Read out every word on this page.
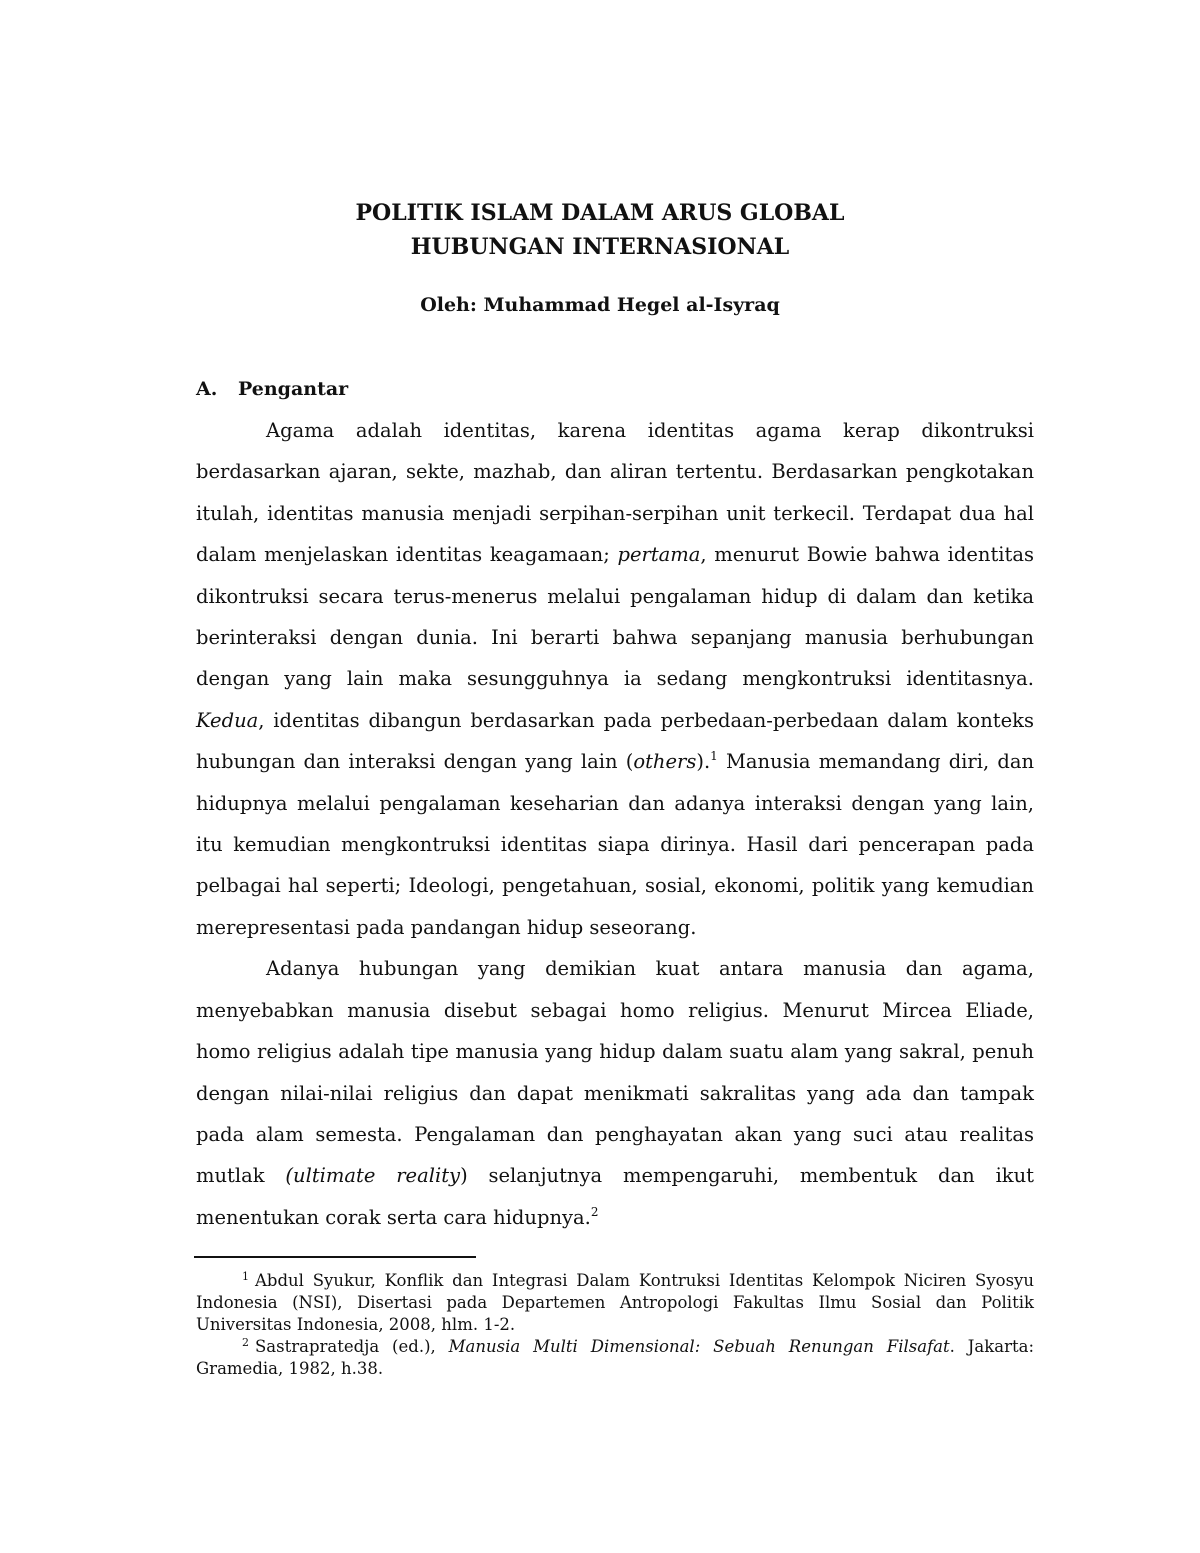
POLITIK ISLAM DALAM ARUS GLOBAL
HUBUNGAN INTERNASIONAL
Oleh: Muhammad Hegel al-Isyraq
A. Pengantar

Agama adalah identitas, karena identitas agama kerap dikontruksi berdasarkan ajaran, sekte, mazhab, dan aliran tertentu. Berdasarkan pengkotakan itulah, identitas manusia menjadi serpihan-serpihan unit terkecil. Terdapat dua hal dalam menjelaskan identitas keagamaan; pertama, menurut Bowie bahwa identitas dikontruksi secara terus-menerus melalui pengalaman hidup di dalam dan ketika berinteraksi dengan dunia. Ini berarti bahwa sepanjang manusia berhubungan dengan yang lain maka sesungguhnya ia sedang mengkontruksi identitasnya. Kedua, identitas dibangun berdasarkan pada perbedaan-perbedaan dalam konteks hubungan dan interaksi dengan yang lain (others).$^1$ Manusia memandang diri, dan hidupnya melalui pengalaman keseharian dan adanya interaksi dengan yang lain, itu kemudian mengkontruksi identitas siapa dirinya. Hasil dari pencerapan pada pelbagai hal seperti; Ideologi, pengetahuan, sosial, ekonomi, politik yang kemudian merepresentasi pada pandangan hidup seseorang.

Adanya hubungan yang demikian kuat antara manusia dan agama, menyebabkan manusia disebut sebagai homo religius. Menurut Mircea Eliade, homo religius adalah tipe manusia yang hidup dalam suatu alam yang sakral, penuh dengan nilai-nilai religius dan dapat menikmati sakralitas yang ada dan tampak pada alam semesta. Pengalaman dan penghayatan akan yang suci atau realitas mutlak (ultimate reality) selanjutnya mempengaruhi, membentuk dan ikut menentukan corak serta cara hidupnya.$^2$

$^1$ Abdul Syukur, Konflik dan Integrasi Dalam Kontruksi Identitas Kelompok Niciren Syosyu Indonesia (NSI), Disertasi pada Departemen Antropologi Fakultas Ilmu Sosial dan Politik Universitas Indonesia, 2008, hlm. 1-2.

$^2$ Sastrapratedja (ed.), Manusia Multi Dimensional: Sebuah Renungan Filsafat. Jakarta: Gramedia, 1982, h.38.
